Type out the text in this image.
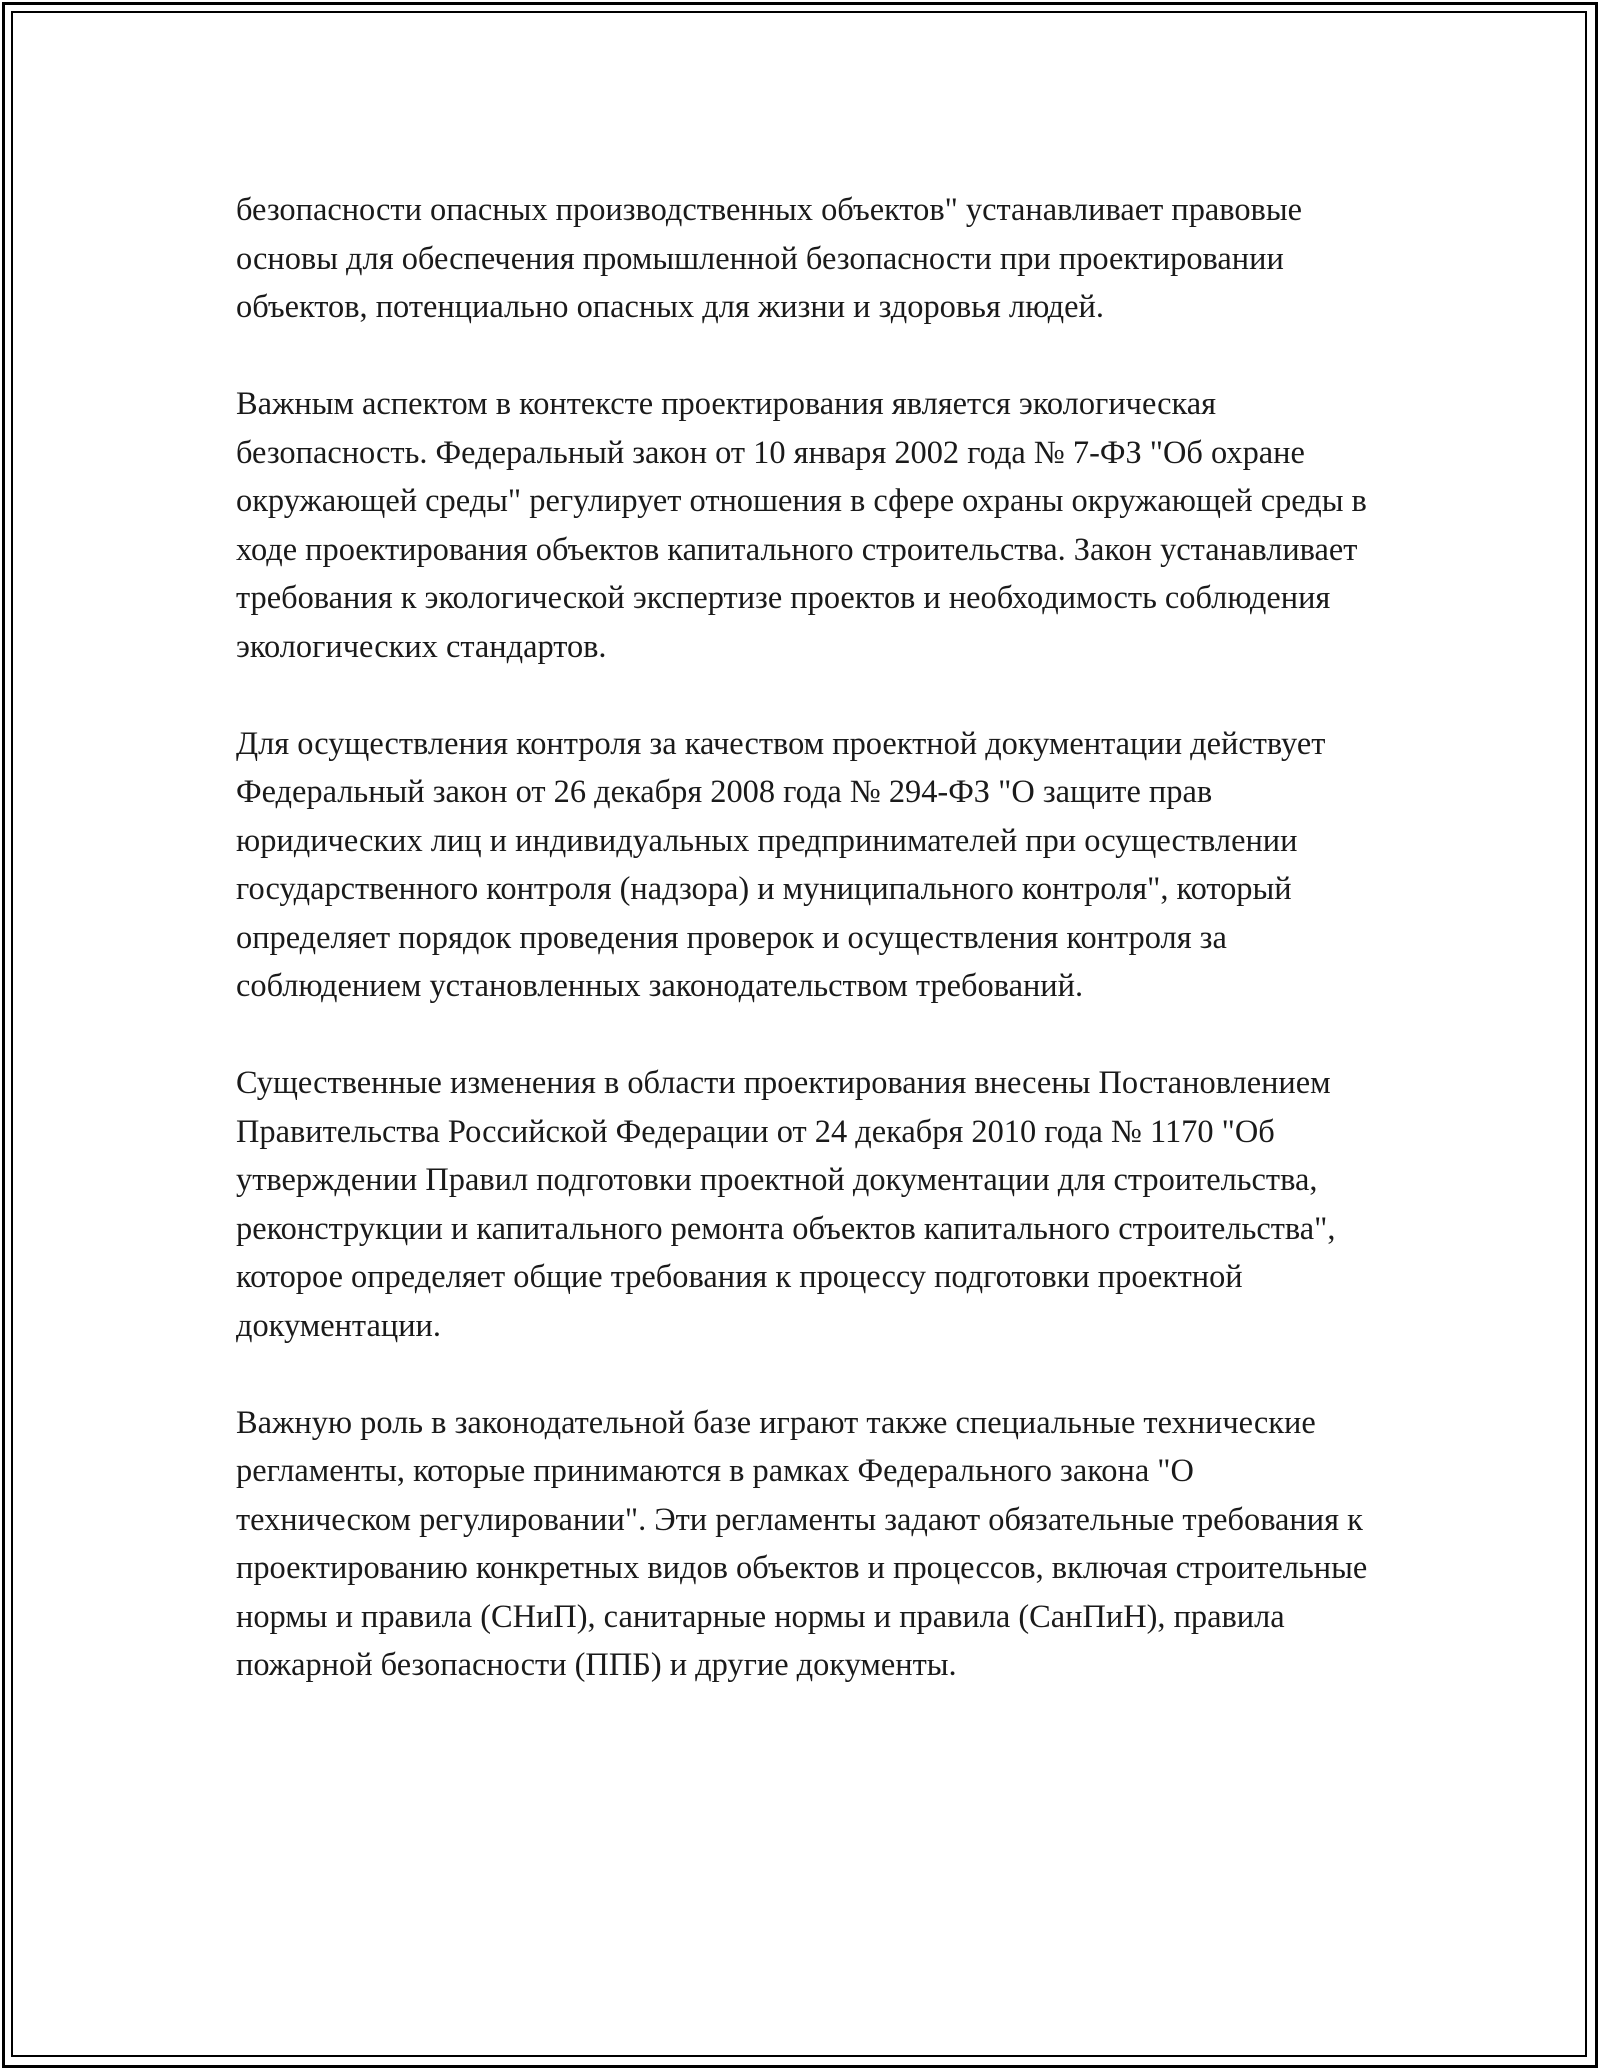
безопасности опасных производственных объектов" устанавливает правовые основы для обеспечения промышленной безопасности при проектировании объектов, потенциально опасных для жизни и здоровья людей.

Важным аспектом в контексте проектирования является экологическая безопасность. Федеральный закон от 10 января 2002 года № 7-ФЗ "Об охране окружающей среды" регулирует отношения в сфере охраны окружающей среды в ходе проектирования объектов капитального строительства. Закон устанавливает требования к экологической экспертизе проектов и необходимость соблюдения экологических стандартов.

Для осуществления контроля за качеством проектной документации действует Федеральный закон от 26 декабря 2008 года № 294-ФЗ "О защите прав юридических лиц и индивидуальных предпринимателей при осуществлении государственного контроля (надзора) и муниципального контроля", который определяет порядок проведения проверок и осуществления контроля за соблюдением установленных законодательством требований.

Существенные изменения в области проектирования внесены Постановлением Правительства Российской Федерации от 24 декабря 2010 года № 1170 "Об утверждении Правил подготовки проектной документации для строительства, реконструкции и капитального ремонта объектов капитального строительства", которое определяет общие требования к процессу подготовки проектной документации.

Важную роль в законодательной базе играют также специальные технические регламенты, которые принимаются в рамках Федерального закона "О техническом регулировании". Эти регламенты задают обязательные требования к проектированию конкретных видов объектов и процессов, включая строительные нормы и правила (СНиП), санитарные нормы и правила (СанПиН), правила пожарной безопасности (ППБ) и другие документы.
